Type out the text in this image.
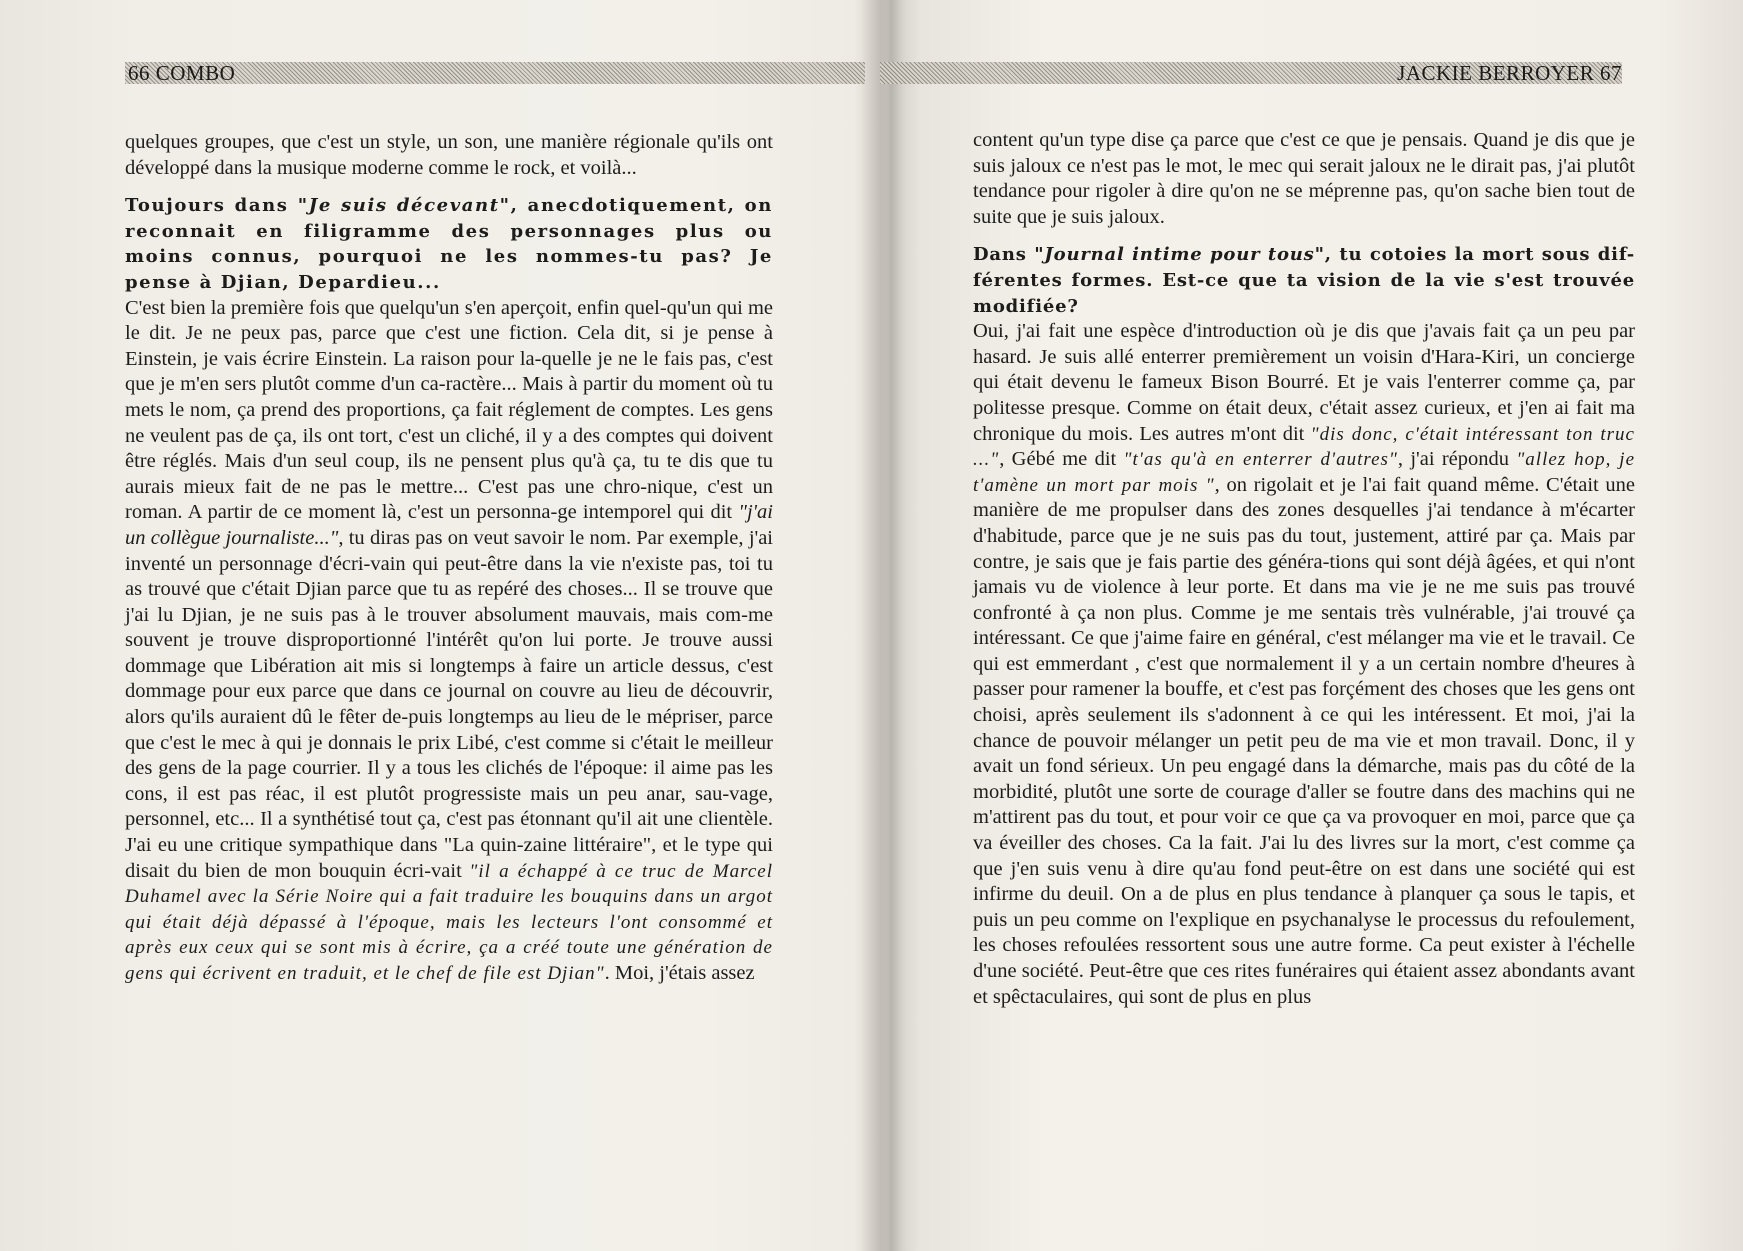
66 COMBO

quelques groupes, que c'est un style, un son, une manière régionale qu'ils ont développé dans la musique moderne comme le rock, et voilà...

Toujours dans "Je suis décevant", anecdotiquement, on reconnait en filigramme des personnages plus ou moins connus, pourquoi ne les nommes-tu pas? Je pense à Djian, Depardieu...

C'est bien la première fois que quelqu'un s'en aperçoit, enfin quel-qu'un qui me le dit. Je ne peux pas, parce que c'est une fiction. Cela dit, si je pense à Einstein, je vais écrire Einstein. La raison pour la-quelle je ne le fais pas, c'est que je m'en sers plutôt comme d'un ca-ractère... Mais à partir du moment où tu mets le nom, ça prend des proportions, ça fait réglement de comptes. Les gens ne veulent pas de ça, ils ont tort, c'est un cliché, il y a des comptes qui doivent être réglés. Mais d'un seul coup, ils ne pensent plus qu'à ça, tu te dis que tu aurais mieux fait de ne pas le mettre... C'est pas une chro-nique, c'est un roman. A partir de ce moment là, c'est un personna-ge intemporel qui dit "j'ai un collègue journaliste...", tu diras pas on veut savoir le nom. Par exemple, j'ai inventé un personnage d'écri-vain qui peut-être dans la vie n'existe pas, toi tu as trouvé que c'était Djian parce que tu as repéré des choses... Il se trouve que j'ai lu Djian, je ne suis pas à le trouver absolument mauvais, mais com-me souvent je trouve disproportionné l'intérêt qu'on lui porte. Je trouve aussi dommage que Libération ait mis si longtemps à faire un article dessus, c'est dommage pour eux parce que dans ce journal on couvre au lieu de découvrir, alors qu'ils auraient dû le fêter de-puis longtemps au lieu de le mépriser, parce que c'est le mec à qui je donnais le prix Libé, c'est comme si c'était le meilleur des gens de la page courrier. Il y a tous les clichés de l'époque: il aime pas les cons, il est pas réac, il est plutôt progressiste mais un peu anar, sau-vage, personnel, etc... Il a synthétisé tout ça, c'est pas étonnant qu'il ait une clientèle. J'ai eu une critique sympathique dans "La quin-zaine littéraire", et le type qui disait du bien de mon bouquin écri-vait "il a échappé à ce truc de Marcel Duhamel avec la Série Noire qui a fait traduire les bouquins dans un argot qui était déjà dépassé à l'époque, mais les lecteurs l'ont consommé et après eux ceux qui se sont mis à écrire, ça a créé toute une génération de gens qui écrivent en traduit, et le chef de file est Djian". Moi, j'étais assez

JACKIE BERROYER 67

content qu'un type dise ça parce que c'est ce que je pensais. Quand je dis que je suis jaloux ce n'est pas le mot, le mec qui serait jaloux ne le dirait pas, j'ai plutôt tendance pour rigoler à dire qu'on ne se méprenne pas, qu'on sache bien tout de suite que je suis jaloux.

Dans "Journal intime pour tous", tu cotoies la mort sous dif-férentes formes. Est-ce que ta vision de la vie s'est trouvée modifiée?

Oui, j'ai fait une espèce d'introduction où je dis que j'avais fait ça un peu par hasard. Je suis allé enterrer premièrement un voisin d'Hara-Kiri, un concierge qui était devenu le fameux Bison Bourré. Et je vais l'enterrer comme ça, par politesse presque. Comme on était deux, c'était assez curieux, et j'en ai fait ma chronique du mois. Les autres m'ont dit "dis donc, c'était intéressant ton truc ...", Gébé me dit "t'as qu'à en enterrer d'autres", j'ai répondu "allez hop, je t'amène un mort par mois ", on rigolait et je l'ai fait quand même. C'était une manière de me propulser dans des zones desquelles j'ai tendance à m'écarter d'habitude, parce que je ne suis pas du tout, justement, attiré par ça. Mais par contre, je sais que je fais partie des généra-tions qui sont déjà âgées, et qui n'ont jamais vu de violence à leur porte. Et dans ma vie je ne me suis pas trouvé confronté à ça non plus. Comme je me sentais très vulnérable, j'ai trouvé ça intéressant. Ce que j'aime faire en général, c'est mélanger ma vie et le travail. Ce qui est emmerdant , c'est que normalement il y a un certain nombre d'heures à passer pour ramener la bouffe, et c'est pas forçément des choses que les gens ont choisi, après seulement ils s'adonnent à ce qui les intéressent. Et moi, j'ai la chance de pouvoir mélanger un petit peu de ma vie et mon travail. Donc, il y avait un fond sérieux. Un peu engagé dans la démarche, mais pas du côté de la morbidité, plutôt une sorte de courage d'aller se foutre dans des machins qui ne m'attirent pas du tout, et pour voir ce que ça va provoquer en moi, parce que ça va éveiller des choses. Ca la fait. J'ai lu des livres sur la mort, c'est comme ça que j'en suis venu à dire qu'au fond peut-être on est dans une société qui est infirme du deuil. On a de plus en plus tendance à planquer ça sous le tapis, et puis un peu comme on l'explique en psychanalyse le processus du refoulement, les choses refoulées ressortent sous une autre forme. Ca peut exister à l'échelle d'une société. Peut-être que ces rites funéraires qui étaient assez abondants avant et spêctaculaires, qui sont de plus en plus
